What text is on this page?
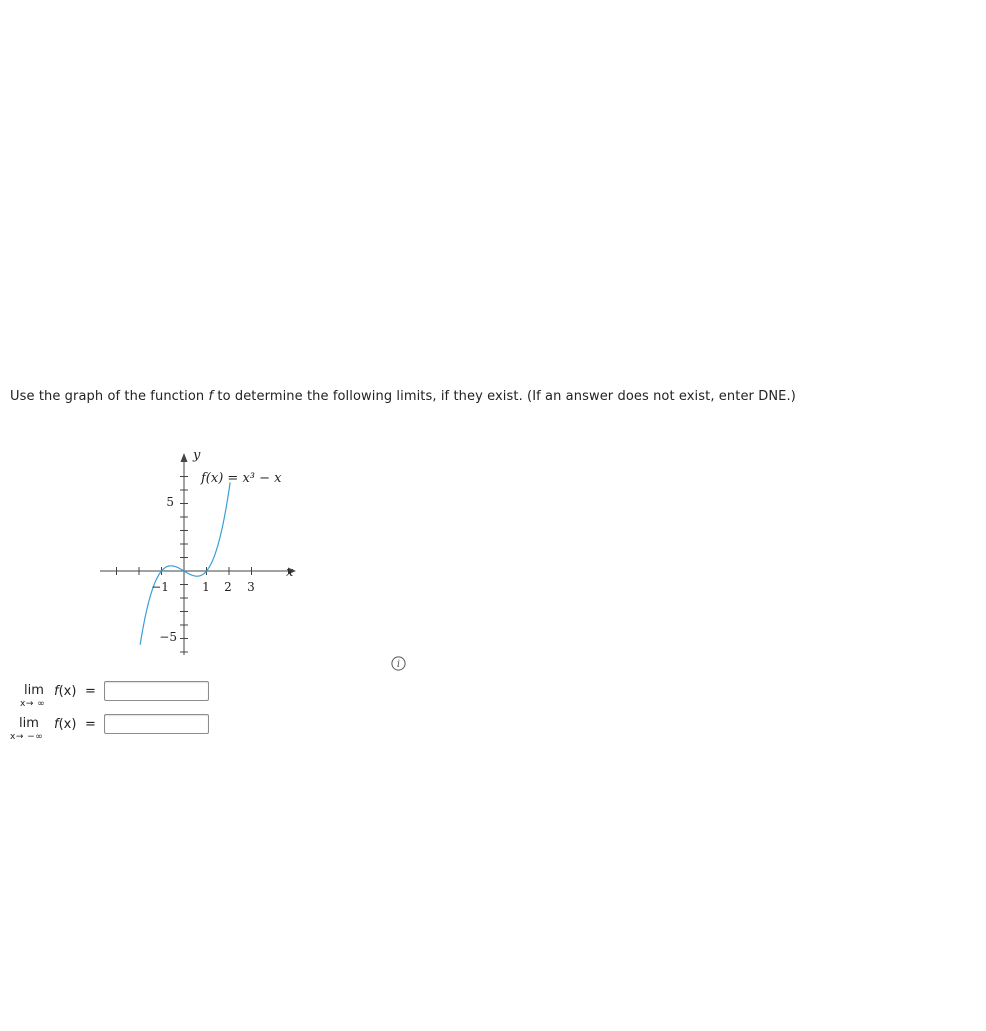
Use the graph of the function f to determine the following limits, if they exist. (If an answer does not exist, enter DNE.)
y
x
f(x) = x³ − x
−1	1 2 3
5
−5
i
lim
x→ ∞
f(x) =
lim
x→ −∞
f(x) =
